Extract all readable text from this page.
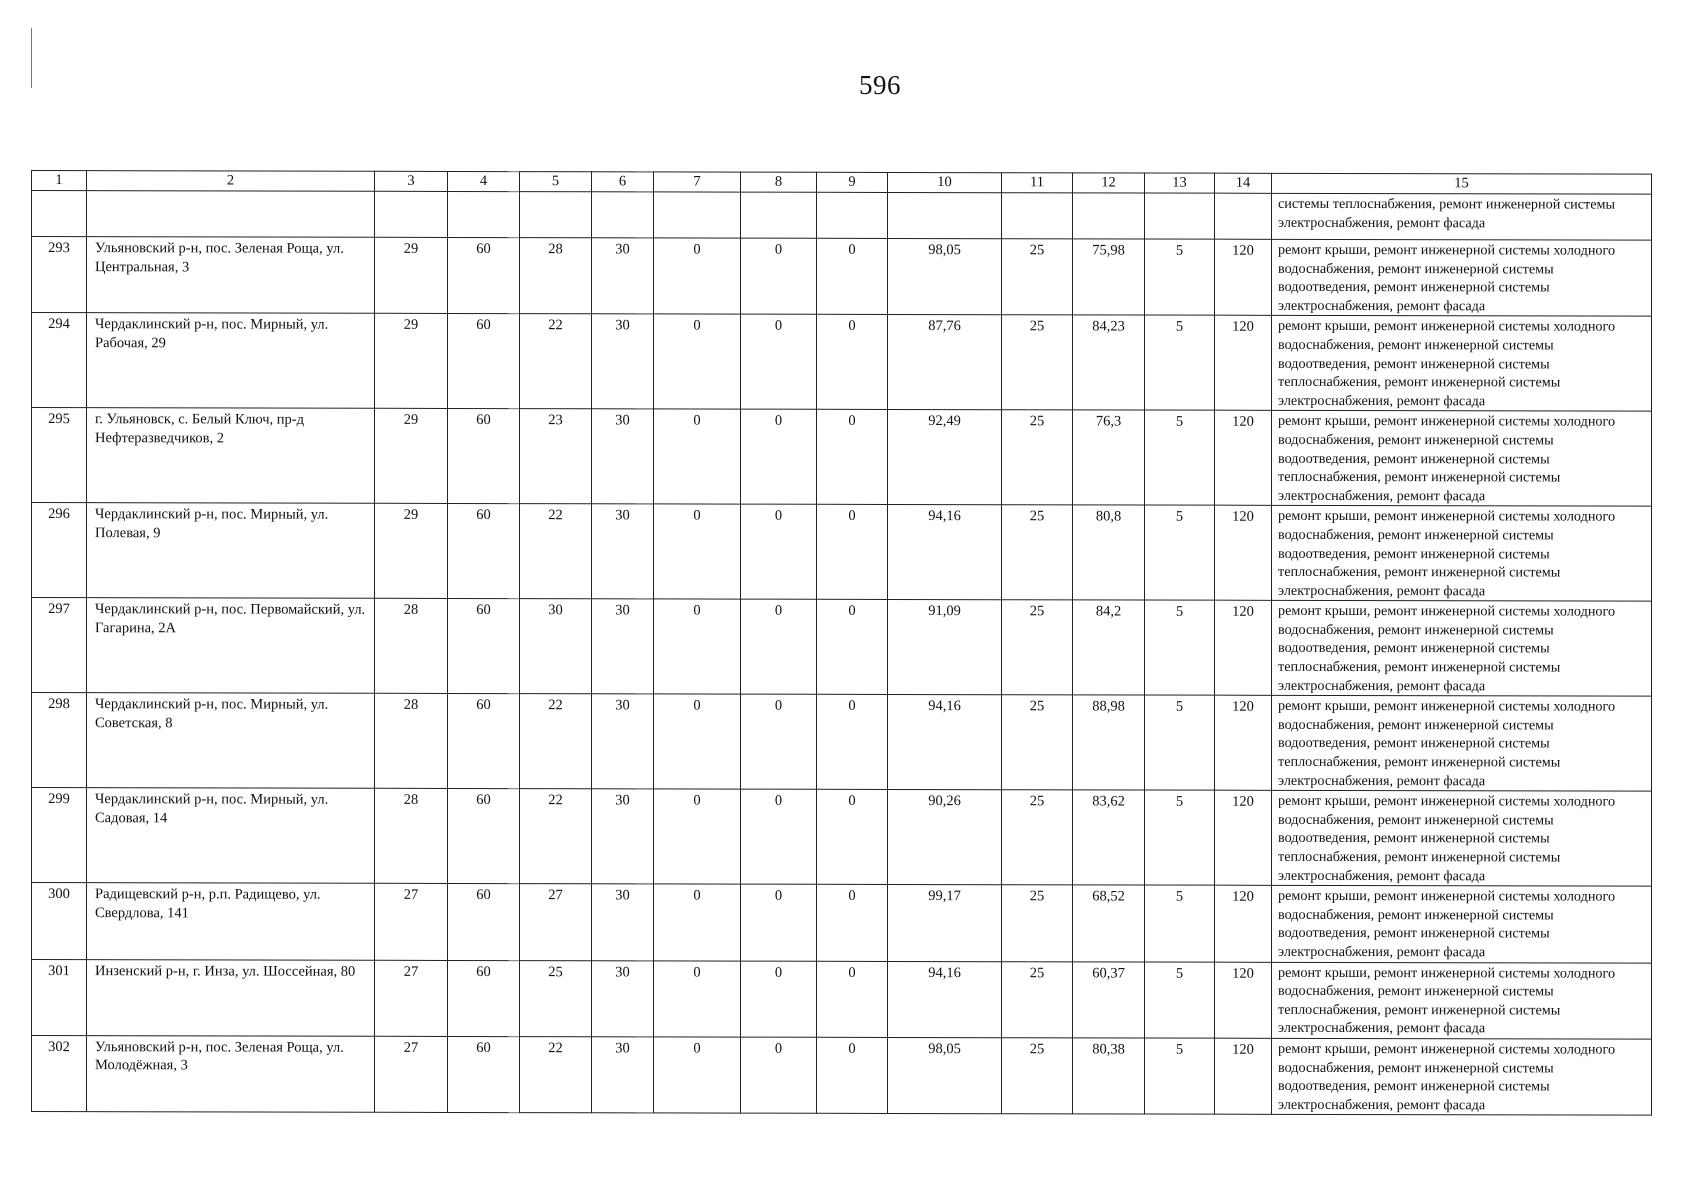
596
1	2	3	4	5	6	7	8	9	10	11	12	13	14	15
														системы теплоснабжения, ремонт инженерной системы электроснабжения, ремонт фасада
293	Ульяновский р-н, пос. Зеленая Роща, ул. Центральная, 3	29	60	28	30	0	0	0	98,05	25	75,98	5	120	ремонт крыши, ремонт инженерной системы холодного водоснабжения, ремонт инженерной системы водоотведения, ремонт инженерной системы электроснабжения, ремонт фасада
294	Чердаклинский р-н, пос. Мирный, ул. Рабочая, 29	29	60	22	30	0	0	0	87,76	25	84,23	5	120	ремонт крыши, ремонт инженерной системы холодного водоснабжения, ремонт инженерной системы водоотведения, ремонт инженерной системы теплоснабжения, ремонт инженерной системы электроснабжения, ремонт фасада
295	г. Ульяновск, с. Белый Ключ, пр-д Нефтеразведчиков, 2	29	60	23	30	0	0	0	92,49	25	76,3	5	120	ремонт крыши, ремонт инженерной системы холодного водоснабжения, ремонт инженерной системы водоотведения, ремонт инженерной системы теплоснабжения, ремонт инженерной системы электроснабжения, ремонт фасада
296	Чердаклинский р-н, пос. Мирный, ул. Полевая, 9	29	60	22	30	0	0	0	94,16	25	80,8	5	120	ремонт крыши, ремонт инженерной системы холодного водоснабжения, ремонт инженерной системы водоотведения, ремонт инженерной системы теплоснабжения, ремонт инженерной системы электроснабжения, ремонт фасада
297	Чердаклинский р-н, пос. Первомайский, ул. Гагарина, 2А	28	60	30	30	0	0	0	91,09	25	84,2	5	120	ремонт крыши, ремонт инженерной системы холодного водоснабжения, ремонт инженерной системы водоотведения, ремонт инженерной системы теплоснабжения, ремонт инженерной системы электроснабжения, ремонт фасада
298	Чердаклинский р-н, пос. Мирный, ул. Советская, 8	28	60	22	30	0	0	0	94,16	25	88,98	5	120	ремонт крыши, ремонт инженерной системы холодного водоснабжения, ремонт инженерной системы водоотведения, ремонт инженерной системы теплоснабжения, ремонт инженерной системы электроснабжения, ремонт фасада
299	Чердаклинский р-н, пос. Мирный, ул. Садовая, 14	28	60	22	30	0	0	0	90,26	25	83,62	5	120	ремонт крыши, ремонт инженерной системы холодного водоснабжения, ремонт инженерной системы водоотведения, ремонт инженерной системы теплоснабжения, ремонт инженерной системы электроснабжения, ремонт фасада
300	Радищевский р-н, р.п. Радищево, ул. Свердлова, 141	27	60	27	30	0	0	0	99,17	25	68,52	5	120	ремонт крыши, ремонт инженерной системы холодного водоснабжения, ремонт инженерной системы водоотведения, ремонт инженерной системы электроснабжения, ремонт фасада
301	Инзенский р-н, г. Инза, ул. Шоссейная, 80	27	60	25	30	0	0	0	94,16	25	60,37	5	120	ремонт крыши, ремонт инженерной системы холодного водоснабжения, ремонт инженерной системы теплоснабжения, ремонт инженерной системы электроснабжения, ремонт фасада
302	Ульяновский р-н, пос. Зеленая Роща, ул. Молодёжная, 3	27	60	22	30	0	0	0	98,05	25	80,38	5	120	ремонт крыши, ремонт инженерной системы холодного водоснабжения, ремонт инженерной системы водоотведения, ремонт инженерной системы электроснабжения, ремонт фасада
